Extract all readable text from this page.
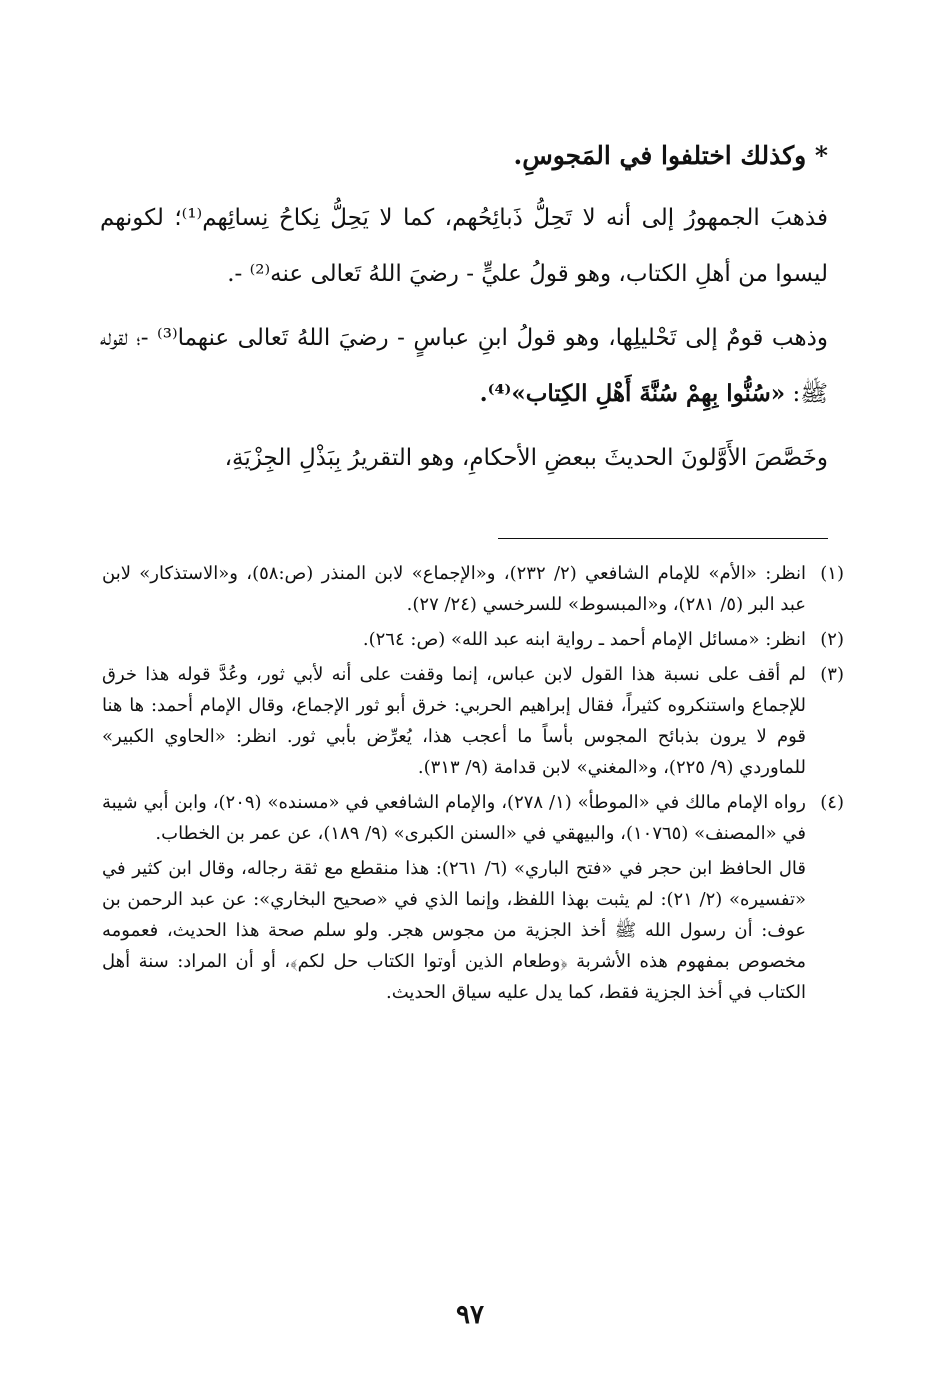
* وكذلك اختلفوا في المَجوسِ.

فذهبَ الجمهورُ إلى أنه لا تَحِلُّ ذَبائِحُهم، كما لا يَحِلُّ نِكاحُ نِسائِهم⁽¹⁾؛ لكونهم ليسوا من أهلِ الكتاب، وهو قولُ عليٍّ - رضيَ اللهُ تَعالى عنه⁽²⁾ -.

وذهب قومٌ إلى تَحْليلِها، وهو قولُ ابنِ عباسٍ - رضيَ اللهُ تَعالى عنهما⁽³⁾ -؛ لقوله ﷺ: «سُنُّوا بِهِمْ سُنَّةَ أَهْلِ الكِتاب»⁽⁴⁾.

وخَصَّصَ الأَوَّلونَ الحديثَ ببعضِ الأحكامِ، وهو التقريرُ بِبَذْلِ الجِزْيَةِ،

(١)
انظر: «الأم» للإمام الشافعي (٢/ ٢٣٢)، و«الإجماع» لابن المنذر (ص:٥٨)، و«الاستذكار» لابن عبد البر (٥/ ٢٨١)، و«المبسوط» للسرخسي (٢٤/ ٢٧).
(٢)
انظر: «مسائل الإمام أحمد ـ رواية ابنه عبد الله» (ص: ٢٦٤).
(٣)
لم أقف على نسبة هذا القول لابن عباس، إنما وقفت على أنه لأبي ثور، وعُدَّ قوله هذا خرق للإجماع واستنكروه كثيراً، فقال إبراهيم الحربي: خرق أبو ثور الإجماع، وقال الإمام أحمد: ها هنا قوم لا يرون بذبائح المجوس بأساً ما أعجب هذا، يُعرِّض بأبي ثور. انظر: «الحاوي الكبير» للماوردي (٩/ ٢٢٥)، و«المغني» لابن قدامة (٩/ ٣١٣).
(٤)
رواه الإمام مالك في «الموطأ» (١/ ٢٧٨)، والإمام الشافعي في «مسنده» (٢٠٩)، وابن أبي شيبة في «المصنف» (١٠٧٦٥)، والبيهقي في «السنن الكبرى» (٩/ ١٨٩)، عن عمر بن الخطاب.
قال الحافظ ابن حجر في «فتح الباري» (٦/ ٢٦١): هذا منقطع مع ثقة رجاله، وقال ابن كثير في «تفسيره» (٢/ ٢١): لم يثبت بهذا اللفظ، وإنما الذي في «صحيح البخاري»: عن عبد الرحمن بن عوف: أن رسول الله ﷺ أخذ الجزية من مجوس هجر. ولو سلم صحة هذا الحديث، فعمومه مخصوص بمفهوم هذه الأشربة ﴿وطعام الذين أوتوا الكتاب حل لكم﴾، أو أن المراد: سنة أهل الكتاب في أخذ الجزية فقط، كما يدل عليه سياق الحديث.
٩٧
